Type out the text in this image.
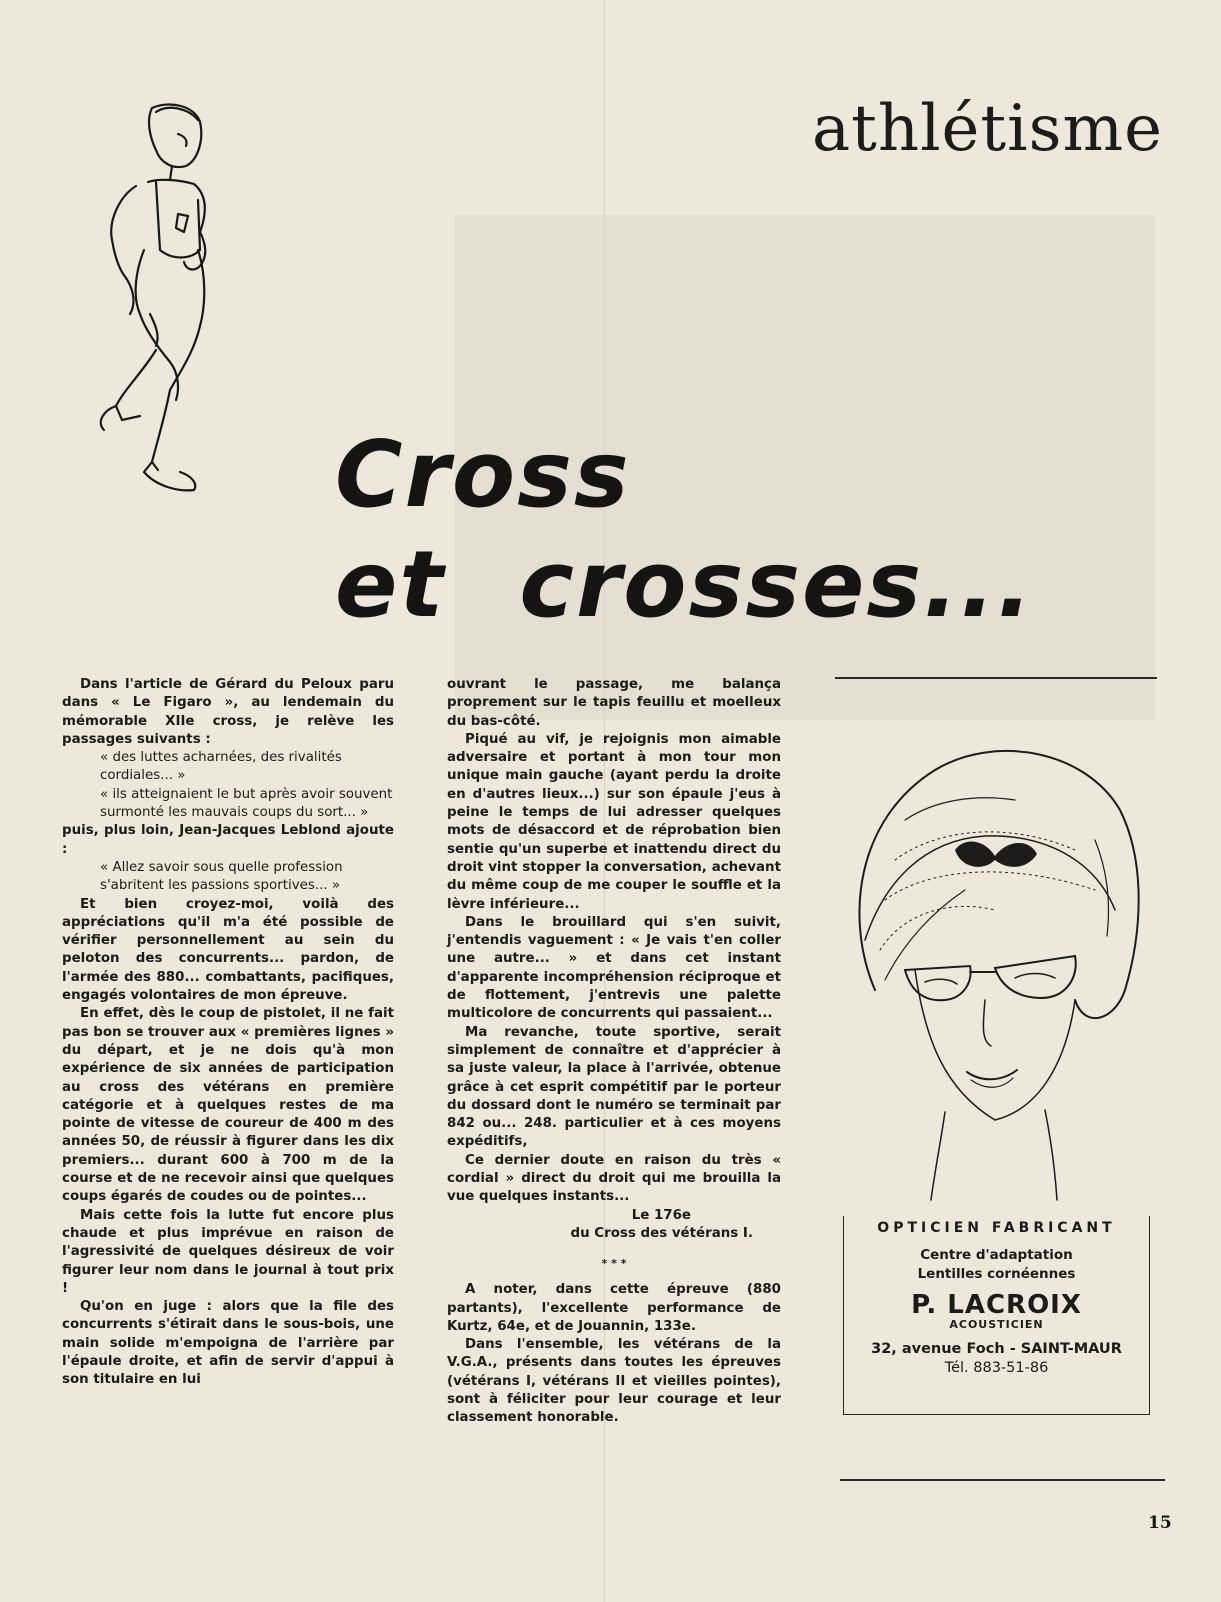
athlétisme
Cross

et crosses...

Dans l'article de Gérard du Peloux paru dans « Le Figaro », au lendemain du mémorable XIIe cross, je relève les passages suivants :

« des luttes acharnées, des rivalités cordiales... »

« ils atteignaient le but après avoir souvent surmonté les mauvais coups du sort... »

puis, plus loin, Jean-Jacques Leblond ajoute :

« Allez savoir sous quelle profession s'abritent les passions sportives... »

Et bien croyez-moi, voilà des appréciations qu'il m'a été possible de vérifier personnellement au sein du peloton des concurrents... pardon, de l'armée des 880... combattants, pacifiques, engagés volontaires de mon épreuve.

En effet, dès le coup de pistolet, il ne fait pas bon se trouver aux « premières lignes » du départ, et je ne dois qu'à mon expérience de six années de participation au cross des vétérans en première catégorie et à quelques restes de ma pointe de vitesse de coureur de 400 m des années 50, de réussir à figurer dans les dix premiers... durant 600 à 700 m de la course et de ne recevoir ainsi que quelques coups égarés de coudes ou de pointes...

Mais cette fois la lutte fut encore plus chaude et plus imprévue en raison de l'agressivité de quelques désireux de voir figurer leur nom dans le journal à tout prix !

Qu'on en juge : alors que la file des concurrents s'étirait dans le sous-bois, une main solide m'empoigna de l'arrière par l'épaule droite, et afin de servir d'appui à son titulaire en lui

ouvrant le passage, me balança proprement sur le tapis feuillu et moelleux du bas-côté.

Piqué au vif, je rejoignis mon aimable adversaire et portant à mon tour mon unique main gauche (ayant perdu la droite en d'autres lieux...) sur son épaule j'eus à peine le temps de lui adresser quelques mots de désaccord et de réprobation bien sentie qu'un superbe et inattendu direct du droit vint stopper la conversation, achevant du même coup de me couper le souffle et la lèvre inférieure...

Dans le brouillard qui s'en suivit, j'entendis vaguement : « Je vais t'en coller une autre... » et dans cet instant d'apparente incompréhension réciproque et de flottement, j'entrevis une palette multicolore de concurrents qui passaient...

Ma revanche, toute sportive, serait simplement de connaître et d'apprécier à sa juste valeur, la place à l'arrivée, obtenue grâce à cet esprit compétitif par le porteur du dossard dont le numéro se terminait par 842 ou... 248. particulier et à ces moyens expéditifs,

Ce dernier doute en raison du très « cordial » direct du droit qui me brouilla la vue quelques instants...

Le 176e

du Cross des vétérans I.

* * *

A noter, dans cette épreuve (880 partants), l'excellente performance de Kurtz, 64e, et de Jouannin, 133e.

Dans l'ensemble, les vétérans de la V.G.A., présents dans toutes les épreuves (vétérans I, vétérans II et vieilles pointes), sont à féliciter pour leur courage et leur classement honorable.

OPTICIEN FABRICANT
Centre d'adaptation
Lentilles cornéennes
P. LACROIX
ACOUSTICIEN
32, avenue Foch - SAINT-MAUR
Tél. 883-51-86
15
